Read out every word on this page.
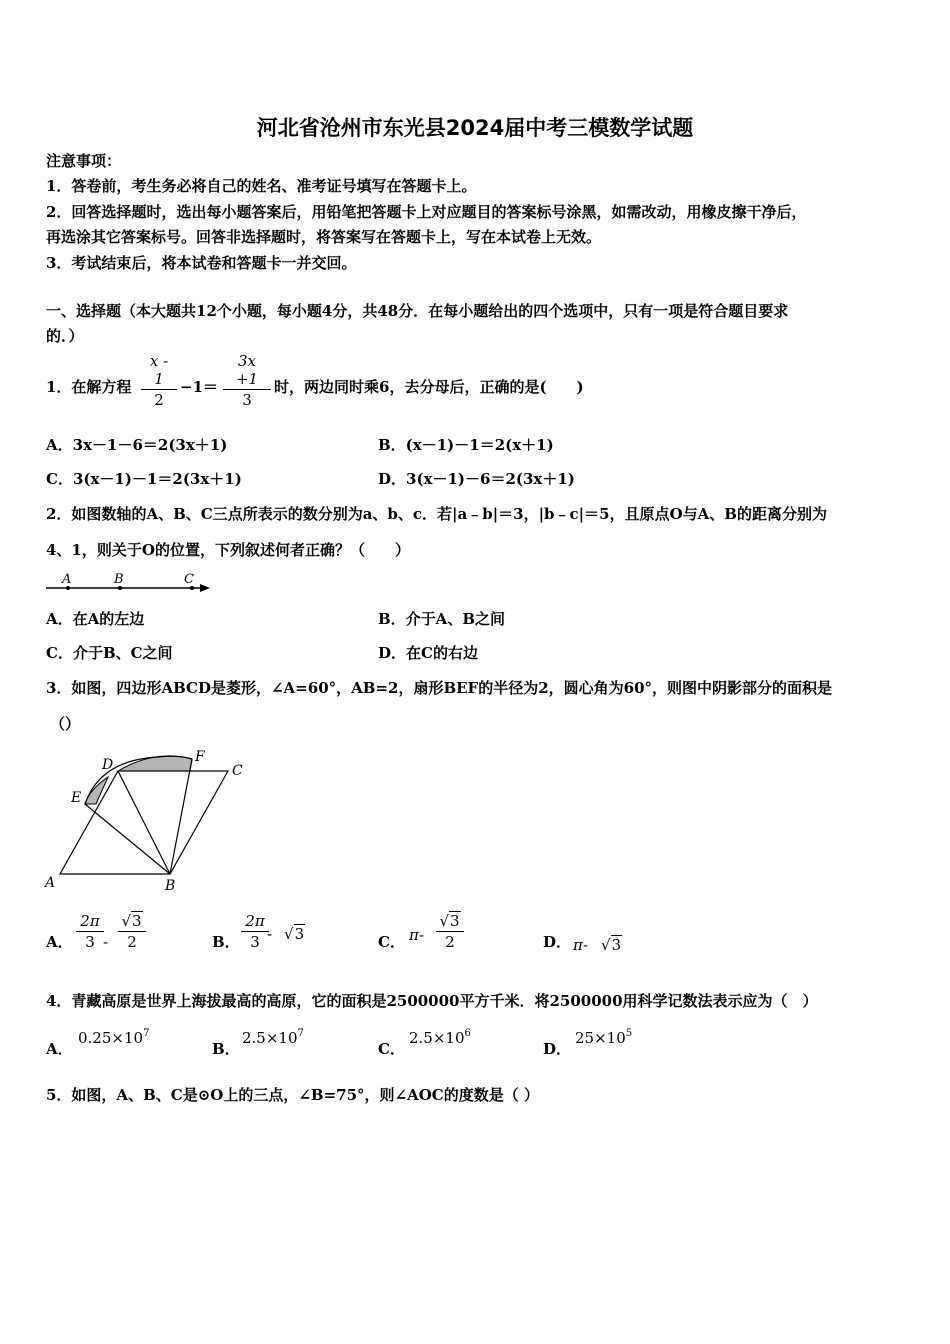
河北省沧州市东光县2024届中考三模数学试题
注意事项：
1．答卷前，考生务必将自己的姓名、准考证号填写在答题卡上。
2．回答选择题时，选出每小题答案后，用铅笔把答题卡上对应题目的答案标号涂黑，如需改动，用橡皮擦干净后，
再选涂其它答案标号。回答非选择题时，将答案写在答题卡上，写在本试卷上无效。
3．考试结束后，将本试卷和答题卡一并交回。
一、选择题（本大题共12个小题，每小题4分，共48分．在每小题给出的四个选项中，只有一项是符合题目要求
的．）
1．在解方程
x - 1
2
−1＝
3x +1
3
时，两边同时乘6，去分母后，正确的是(　　)
A．3x－1－6＝2(3x＋1)	B．(x－1)－1＝2(x＋1)
C．3(x－1)－1＝2(3x＋1)	D．3(x－1)－6＝2(3x＋1)
2．如图数轴的A、B、C三点所表示的数分别为a、b、c．若|a﹣b|＝3，|b﹣c|＝5，且原点O与A、B的距离分别为
4、1，则关于O的位置，下列叙述何者正确？（　　）
A	B	C
A．在A的左边	B．介于A、B之间
C．介于B、C之间	D．在C的右边
3．如图，四边形ABCD是菱形，∠A=60°，AB=2，扇形BEF的半径为2，圆心角为60°，则图中阴影部分的面积是
（）
A	B
C
D
E
F
A．
2π
3 -
√3
2	B．
2π
3 - √3	C． π -
√3
2	D． π - √3
4．青藏高原是世界上海拔最高的高原，它的面积是2500000平方千米．将2500000用科学记数法表示应为（　）
A．
$0.25\times 10^7$
B．
$2.5\times 10^7$
C．
$2.5\times 10^6$
D．
$25\times 10^5$
5．如图，A、B、C是⊙O上的三点，∠B=75°，则∠AOC的度数是（ ）
